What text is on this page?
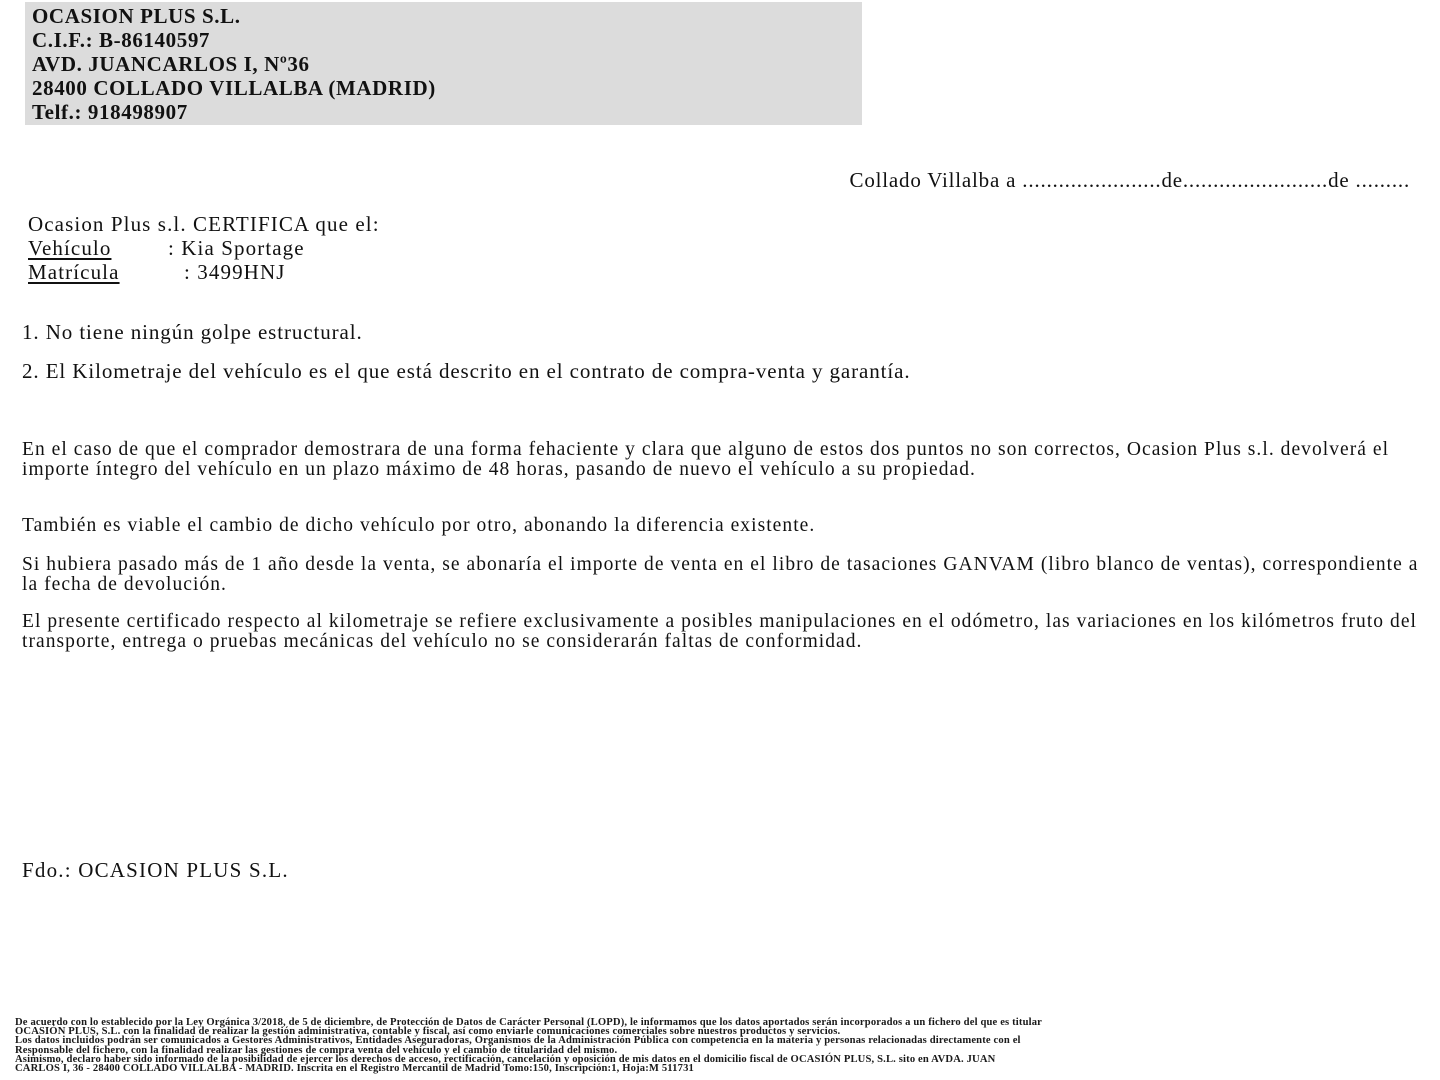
OCASION PLUS S.L.
C.I.F.: B-86140597
AVD. JUANCARLOS I, Nº36
28400 COLLADO VILLALBA (MADRID)
Telf.: 918498907
Collado Villalba a .......................de........................de .........
Ocasion Plus s.l. CERTIFICA que el:
Vehículo	: Kia Sportage
Matrícula	: 3499HNJ
1. No tiene ningún golpe estructural.
2. El Kilometraje del vehículo es el que está descrito en el contrato de compra-venta y garantía.

En el caso de que el comprador demostrara de una forma fehaciente y clara que alguno de estos dos puntos no son correctos, Ocasion Plus s.l. devolverá el importe íntegro del vehículo en un plazo máximo de 48 horas, pasando de nuevo el vehículo a su propiedad.

También es viable el cambio de dicho vehículo por otro, abonando la diferencia existente.

Si hubiera pasado más de 1 año desde la venta, se abonaría el importe de venta en el libro de tasaciones GANVAM (libro blanco de ventas), correspondiente a la fecha de devolución.

El presente certificado respecto al kilometraje se refiere exclusivamente a posibles manipulaciones en el odómetro, las variaciones en los kilómetros fruto del transporte, entrega o pruebas mecánicas del vehículo no se considerarán faltas de conformidad.

Fdo.: OCASION PLUS S.L.
De acuerdo con lo establecido por la Ley Orgánica 3/2018, de 5 de diciembre, de Protección de Datos de Carácter Personal (LOPD), le informamos que los datos aportados serán incorporados a un fichero del que es titular
OCASIÓN PLUS, S.L. con la finalidad de realizar la gestión administrativa, contable y fiscal, así como enviarle comunicaciones comerciales sobre nuestros productos y servicios.
Los datos incluidos podrán ser comunicados a Gestores Administrativos, Entidades Aseguradoras, Organismos de la Administración Pública con competencia en la materia y personas relacionadas directamente con el
Responsable del fichero, con la finalidad realizar las gestiones de compra venta del vehículo y el cambio de titularidad del mismo.
Asimismo, declaro haber sido informado de la posibilidad de ejercer los derechos de acceso, rectificación, cancelación y oposición de mis datos en el domicilio fiscal de OCASIÓN PLUS, S.L. sito en AVDA. JUAN
CARLOS I, 36 - 28400 COLLADO VILLALBA - MADRID. Inscrita en el Registro Mercantil de Madrid Tomo:150, Inscripción:1, Hoja:M 511731
